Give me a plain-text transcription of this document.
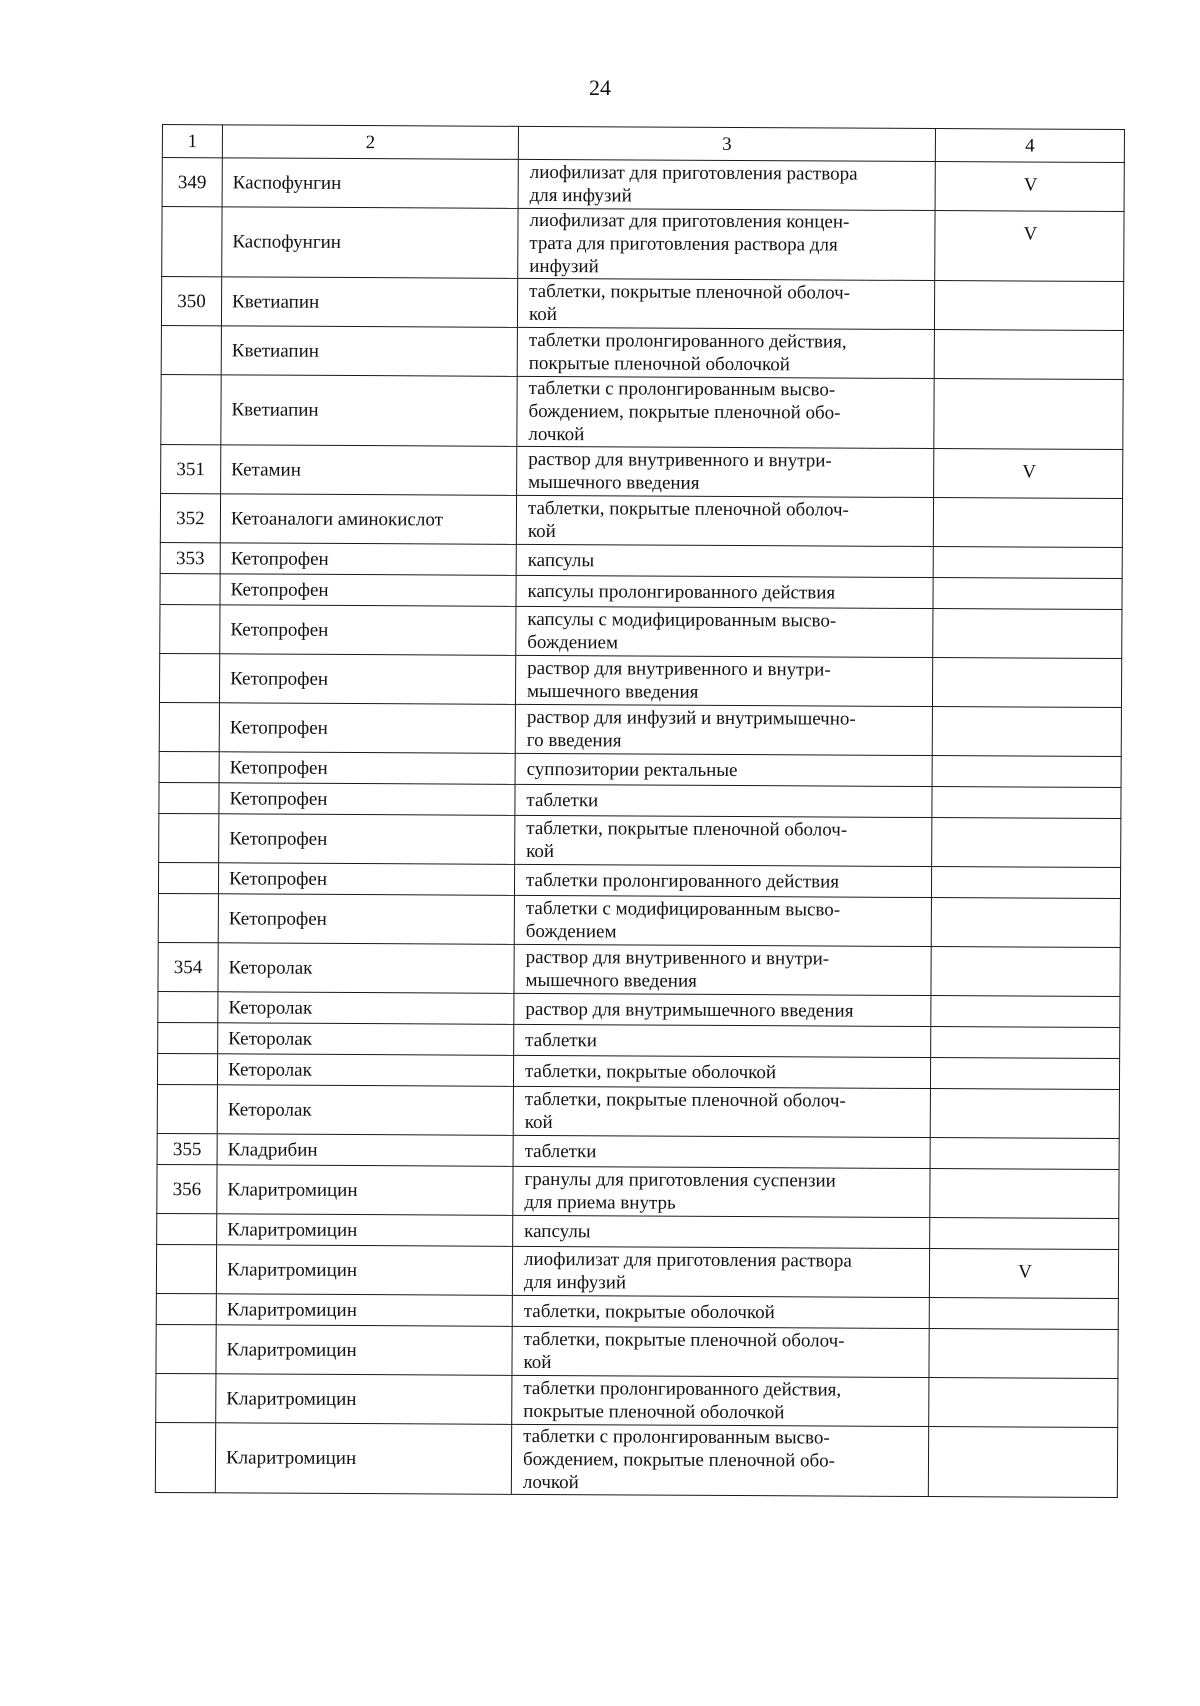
24
1	2	3	4
349	Каспофунгин	лиофилизат для приготовления раствора
для инфузий	V
	Каспофунгин	лиофилизат для приготовления концен-
трата для приготовления раствора для
инфузий	V
350	Кветиапин	таблетки, покрытые пленочной оболоч-
кой	

	Кветиапин	таблетки пролонгированного действия,
покрытые пленочной оболочкой	

	Кветиапин	таблетки с пролонгированным высво-
бождением, покрытые пленочной обо-
лочкой	

351	Кетамин	раствор для внутривенного и внутри-
мышечного введения	V
352	Кетоаналоги аминокислот	таблетки, покрытые пленочной оболоч-
кой	

353	Кетопрофен	капсулы	

	Кетопрофен	капсулы пролонгированного действия	

	Кетопрофен	капсулы с модифицированным высво-
бождением	

	Кетопрофен	раствор для внутривенного и внутри-
мышечного введения	

	Кетопрофен	раствор для инфузий и внутримышечно-
го введения	

	Кетопрофен	суппозитории ректальные	

	Кетопрофен	таблетки	

	Кетопрофен	таблетки, покрытые пленочной оболоч-
кой	

	Кетопрофен	таблетки пролонгированного действия	

	Кетопрофен	таблетки с модифицированным высво-
бождением	

354	Кеторолак	раствор для внутривенного и внутри-
мышечного введения	

	Кеторолак	раствор для внутримышечного введения	

	Кеторолак	таблетки	

	Кеторолак	таблетки, покрытые оболочкой	

	Кеторолак	таблетки, покрытые пленочной оболоч-
кой	

355	Кладрибин	таблетки	

356	Кларитромицин	гранулы для приготовления суспензии
для приема внутрь	

	Кларитромицин	капсулы	

	Кларитромицин	лиофилизат для приготовления раствора
для инфузий	V
	Кларитромицин	таблетки, покрытые оболочкой	

	Кларитромицин	таблетки, покрытые пленочной оболоч-
кой	

	Кларитромицин	таблетки пролонгированного действия,
покрытые пленочной оболочкой	

	Кларитромицин	таблетки с пролонгированным высво-
бождением, покрытые пленочной обо-
лочкой	
